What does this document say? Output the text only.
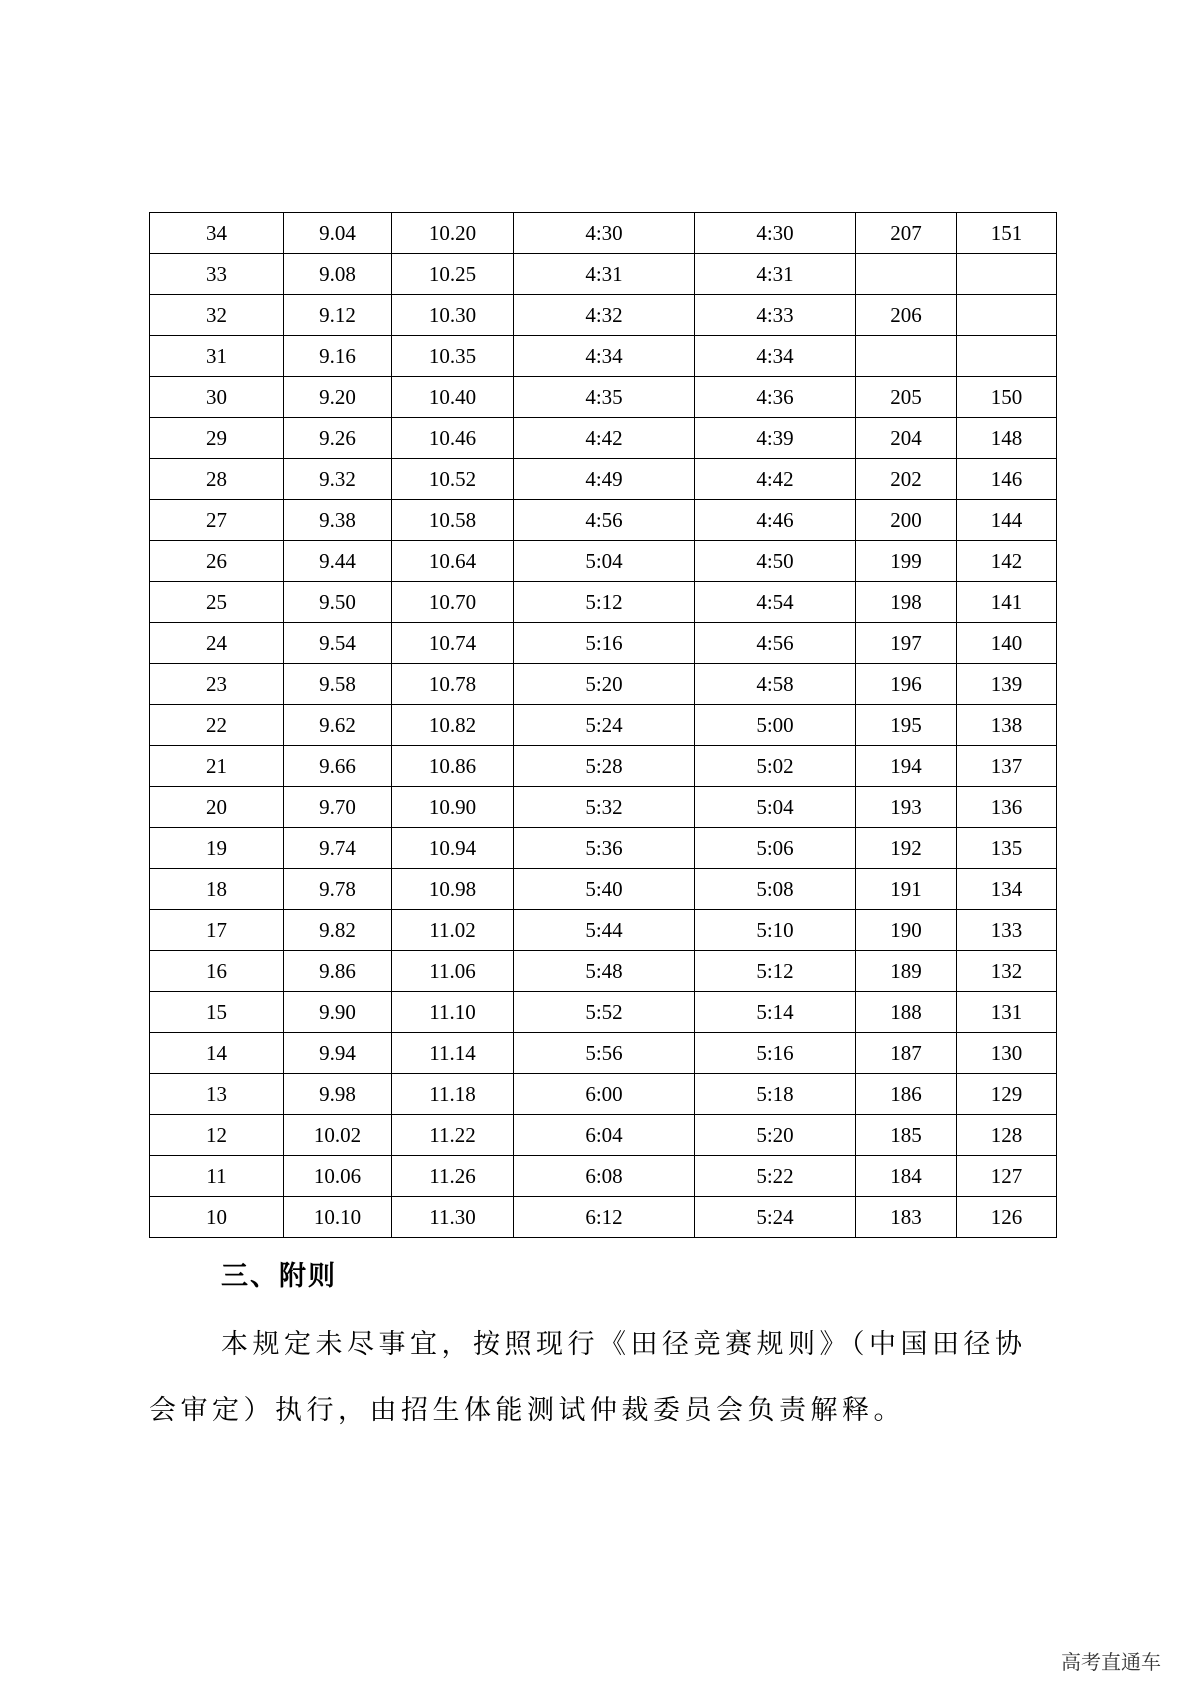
34	9.04	10.20	4:30	4:30	207	151
33	9.08	10.25	4:31	4:31		
32	9.12	10.30	4:32	4:33	206	
31	9.16	10.35	4:34	4:34		
30	9.20	10.40	4:35	4:36	205	150
29	9.26	10.46	4:42	4:39	204	148
28	9.32	10.52	4:49	4:42	202	146
27	9.38	10.58	4:56	4:46	200	144
26	9.44	10.64	5:04	4:50	199	142
25	9.50	10.70	5:12	4:54	198	141
24	9.54	10.74	5:16	4:56	197	140
23	9.58	10.78	5:20	4:58	196	139
22	9.62	10.82	5:24	5:00	195	138
21	9.66	10.86	5:28	5:02	194	137
20	9.70	10.90	5:32	5:04	193	136
19	9.74	10.94	5:36	5:06	192	135
18	9.78	10.98	5:40	5:08	191	134
17	9.82	11.02	5:44	5:10	190	133
16	9.86	11.06	5:48	5:12	189	132
15	9.90	11.10	5:52	5:14	188	131
14	9.94	11.14	5:56	5:16	187	130
13	9.98	11.18	6:00	5:18	186	129
12	10.02	11.22	6:04	5:20	185	128
11	10.06	11.26	6:08	5:22	184	127
10	10.10	11.30	6:12	5:24	183	126
三、附则
本规定未尽事宜，按照现行《田径竞赛规则》（中国田径协会审定）执行，由招生体能测试仲裁委员会负责解释。
高考直通车
